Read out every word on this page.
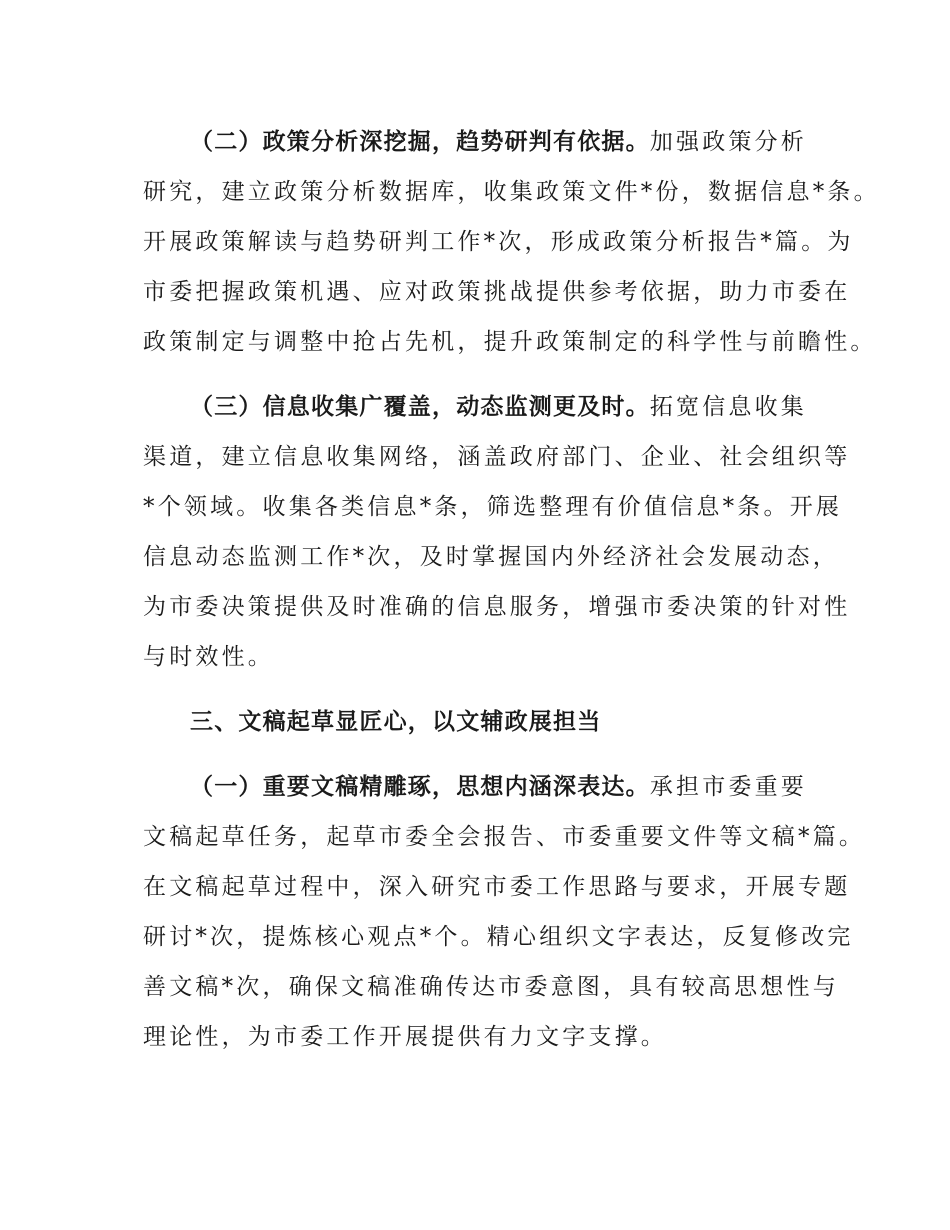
（二）政策分析深挖掘，趋势研判有依据。加强政策分析
研究，建立政策分析数据库，收集政策文件*份，数据信息*条。
开展政策解读与趋势研判工作*次，形成政策分析报告*篇。为
市委把握政策机遇、应对政策挑战提供参考依据，助力市委在
政策制定与调整中抢占先机，提升政策制定的科学性与前瞻性。
（三）信息收集广覆盖，动态监测更及时。拓宽信息收集
渠道，建立信息收集网络，涵盖政府部门、企业、社会组织等
*个领域。收集各类信息*条，筛选整理有价值信息*条。开展
信息动态监测工作*次，及时掌握国内外经济社会发展动态，
为市委决策提供及时准确的信息服务，增强市委决策的针对性
与时效性。
三、文稿起草显匠心，以文辅政展担当
（一）重要文稿精雕琢，思想内涵深表达。承担市委重要
文稿起草任务，起草市委全会报告、市委重要文件等文稿*篇。
在文稿起草过程中，深入研究市委工作思路与要求，开展专题
研讨*次，提炼核心观点*个。精心组织文字表达，反复修改完
善文稿*次，确保文稿准确传达市委意图，具有较高思想性与
理论性，为市委工作开展提供有力文字支撑。
